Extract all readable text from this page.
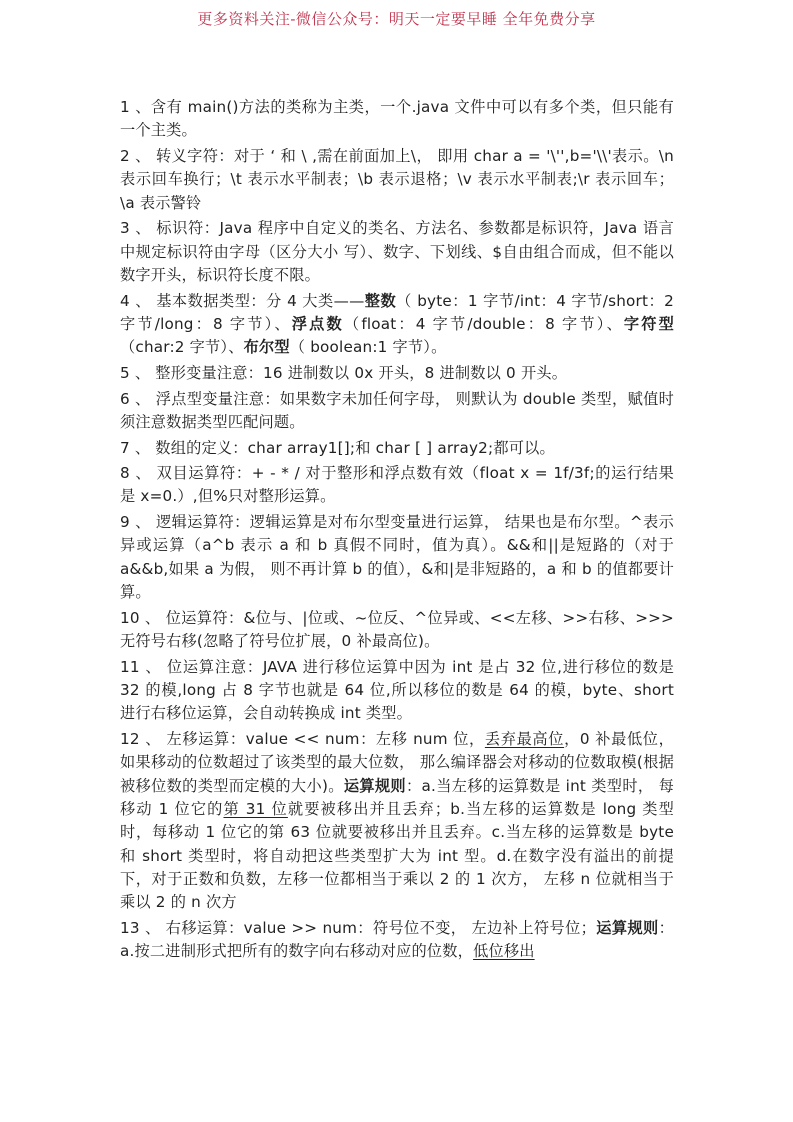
更多资料关注-微信公众号：明天一定要早睡 全年免费分享

1 、含有 main()方法的类称为主类，一个.java 文件中可以有多个类，但只能有一个主类。

2 、 转义字符：对于 ‘ 和 \ ,需在前面加上\， 即用 char a = '\'',b='\\'表示。\n 表示回车换行；\t 表示水平制表；\b 表示退格；\v 表示水平制表;\r 表示回车；\a 表示警铃

3 、 标识符：Java 程序中自定义的类名、方法名、参数都是标识符，Java 语言中规定标识符由字母（区分大小 写）、数字、下划线、$自由组合而成，但不能以数字开头，标识符长度不限。

4 、 基本数据类型：分 4 大类——整数（ byte：1 字节/int：4 字节/short：2 字节/long：8 字节）、浮点数（float：4 字节/double：8 字节）、字符型（char:2 字节）、布尔型（ boolean:1 字节）。

5 、 整形变量注意：16 进制数以 0x 开头，8 进制数以 0 开头。

6 、 浮点型变量注意：如果数字未加任何字母， 则默认为 double 类型，赋值时须注意数据类型匹配问题。

7 、 数组的定义：char array1[];和 char [ ] array2;都可以。

8 、 双目运算符：+ - * / 对于整形和浮点数有效（float x = 1f/3f;的运行结果是 x=0.）,但%只对整形运算。

9 、 逻辑运算符：逻辑运算是对布尔型变量进行运算， 结果也是布尔型。^表示异或运算（a^b 表示 a 和 b 真假不同时，值为真）。&&和||是短路的（对于 a&&b,如果 a 为假， 则不再计算 b 的值），&和|是非短路的，a 和 b 的值都要计算。

10 、 位运算符：&位与、|位或、~位反、^位异或、<<左移、>>右移、>>>无符号右移(忽略了符号位扩展，0 补最高位)。

11 、 位运算注意：JAVA 进行移位运算中因为 int 是占 32 位,进行移位的数是 32 的模,long 占 8 字节也就是 64 位,所以移位的数是 64 的模，byte、short 进行右移位运算，会自动转换成 int 类型。

12 、 左移运算：value << num：左移 num 位，丢弃最高位，0 补最低位， 如果移动的位数超过了该类型的最大位数， 那么编译器会对移动的位数取模(根据被移位数的类型而定模的大小)。运算规则：a.当左移的运算数是 int 类型时， 每移动 1 位它的第 31 位就要被移出并且丢弃；b.当左移的运算数是 long 类型时，每移动 1 位它的第 63 位就要被移出并且丢弃。c.当左移的运算数是 byte 和 short 类型时，将自动把这些类型扩大为 int 型。d.在数字没有溢出的前提下，对于正数和负数，左移一位都相当于乘以 2 的 1 次方， 左移 n 位就相当于乘以 2 的 n 次方

13 、 右移运算：value >> num：符号位不变， 左边补上符号位；运算规则：a.按二进制形式把所有的数字向右移动对应的位数，低位移出
